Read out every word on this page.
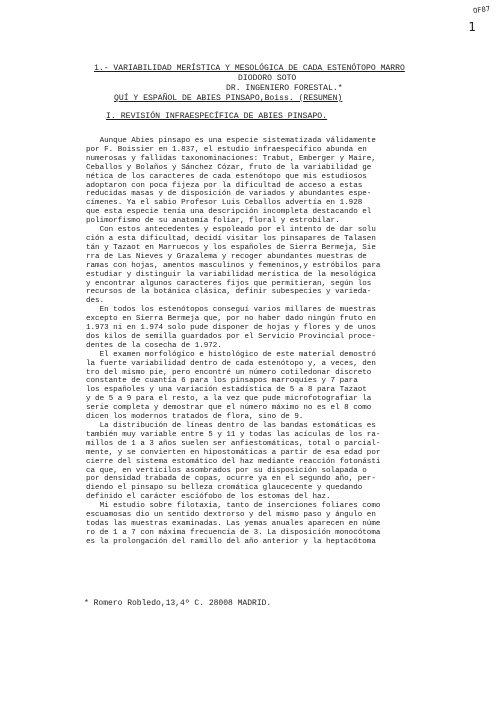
0F87
1

1.- VARIABILIDAD MERÍSTICA Y MESOLÓGICA DE CADA ESTENÓTOPO MARRO

QUÍ Y ESPAÑOL DE ABIES PINSAPO,Boiss. (RESUMEN)

DIODORO SOTO
DR. INGENIERO FORESTAL.*
I. REVISIÓN INFRAESPECÍFICA DE ABIES PINSAPO.
Aunque Abies pinsapo es una especie sistematizada válidamente
por F. Boissier en 1.837, el estudio infraespecífico abunda en
numerosas y fallidas taxonominaciones: Trabut, Emberger y Maire,
Ceballos y Bolaños y Sánchez Cózar, fruto de la variabilidad ge
nética de los caracteres de cada estenótopo que mis estudiosos
adoptaron con poca fijeza por la dificultad de acceso a estas
reducidas masas y de disposición de variados y abundantes espe-
címenes. Ya el sabio Profesor Luis Ceballos advertía en 1.928
que esta especie tenía una descripción incompleta destacando el
polimorfismo de su anatomía foliar, floral y estrobilar.
Con estos antecedentes y espoleado por el intento de dar solu
ción a esta dificultad, decidí visitar los pinsapares de Talasen
tán y Tazaot en Marruecos y los españoles de Sierra Bermeja, Sie
rra de Las Nieves y Grazalema y recoger abundantes muestras de
ramas con hojas, amentos masculinos y femeninos,y estróbilos para
estudiar y distinguir la variabilidad merística de la mesológica
y encontrar algunos caracteres fijos que permitieran, según los
recursos de la botánica clásica, definir subespecies y varieda-
des.
En todos los estenótopos conseguí varios millares de muestras
excepto en Sierra Bermeja que, por no haber dado ningún fruto en
1.973 ni en 1.974 solo pude disponer de hojas y flores y de unos
dos kilos de semilla guardados por el Servicio Provincial proce-
dentes de la cosecha de 1.972.
El examen morfológico e histológico de este material demostró
la fuerte variabilidad dentro de cada estenótopo y, a veces, den
tro del mismo pie, pero encontré un número cotiledonar discreto
constante de cuantía 6 para los pinsapos marroquíes y 7 para
los españoles y una variación estadística de 5 a 8 para Tazaot
y de 5 a 9 para el resto, a la vez que pude microfotografiar la
serie completa y demostrar que el número máximo no es el 8 como
dicen los modernos tratados de flora, sino de 9.
La distribución de líneas dentro de las bandas estomáticas es
también muy variable entre 5 y 11 y todas las acículas de los ra-
millos de 1 a 3 años suelen ser anfiestomáticas, total o parcial-
mente, y se convierten en hipostomáticas a partir de esa edad por
cierre del sistema estomático del haz mediante reacción fotonásti
ca que, en verticilos asombrados por su disposición solapada o
por densidad trabada de copas, ocurre ya en el segundo año, per-
diendo el pinsapo su belleza cromática glaucecente y quedando
definido el carácter esciófobo de los estomas del haz.
Mi estudio sobre filotaxia, tanto de inserciones foliares como
escuamosas dio un sentido dextrorso y del mismo paso y ángulo en
todas las muestras examinadas. Las yemas anuales aparecen en núme
ro de 1 a 7 con máxima frecuencia de 3. La disposición monocótoma
es la prolongación del ramillo del año anterior y la heptacótoma
* Romero Robledo,13,4º C. 28008 MADRID.
